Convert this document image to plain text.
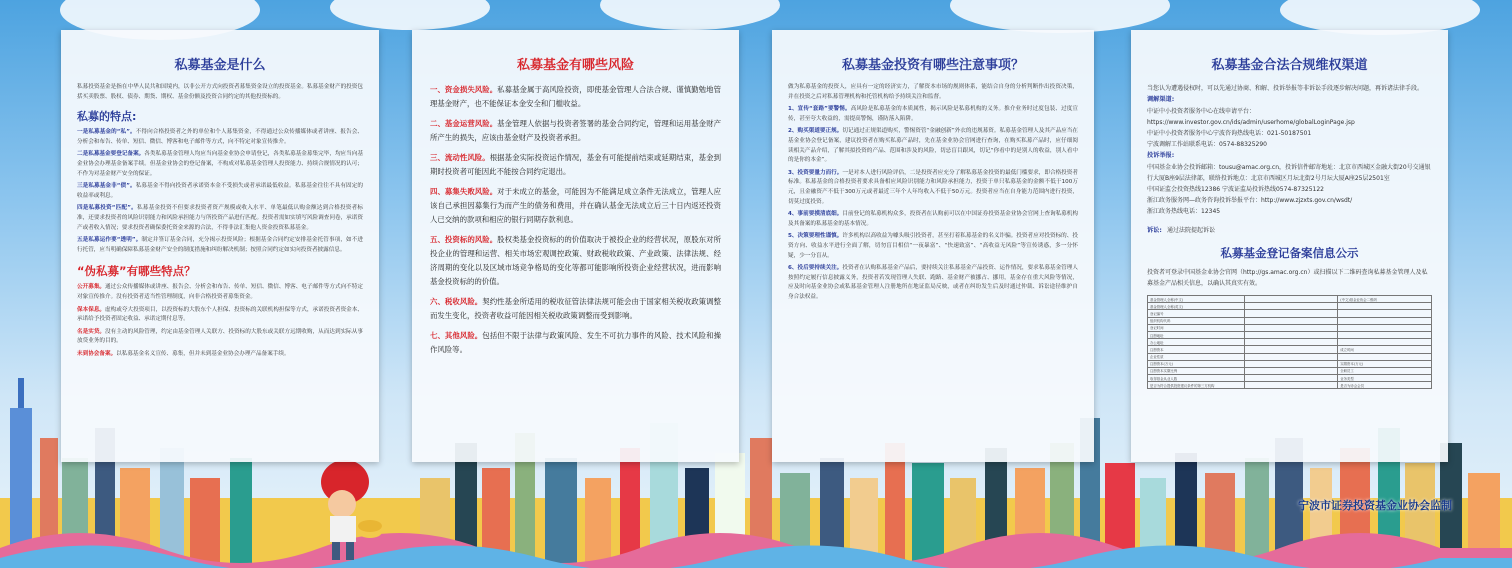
私募基金是什么
私募投资基金是指在中华人民共和国境内，以非公开方式向投资者募集资金设立的投资基金。私募基金财产的投资包括买卖股票、股权、债券、期货、期权、基金份额及投资合同约定的其他投资标的。
私募的特点:
一是私募基金的“私”。不得向合格投资者之外的单位和个人募集资金，不得通过公众传播媒体或者讲座、报告会、分析会和布告、传单、短信、微信、博客和电子邮件等方式，向不特定对象宣传推介。
二是私募基金要登记备案。各类私募基金管理人均应当向基金业协会申请登记，各类私募基金募集完毕，均应当向基金业协会办理基金备案手续。但基金业协会的登记备案，不构成对私募基金管理人投资能力、持续合规情况的认可；不作为对基金财产安全的保证。
三是私募基金非“债”。私募基金不得向投资者承诺资本金不受损失或者承诺最低收益。私募基金往往不具有固定的收益率或利息。
四是私募投资“匹配”。私募基金投资不但要求投资者资产规模或收入水平、单笔最低认购金额达到合格投资者标准，还要求投资者的风险识别能力和风险承担能力与所投资产品进行匹配。投资者需如实填写风险调查问卷，承诺资产或者收入情况；要求投资者确保委托资金来源的合法，不得非法汇集他人资金投资私募基金。
五是私募运作要“透明”。制定并签订基金合同，充分揭示投资风险；根据基金合同约定安排基金托管事项，如不进行托管，应当明确保障私募基金财产安全的制度措施和纠纷解决机制；按照合同约定如实向投资者披露信息。
“伪私募”有哪些特点？
公开募集。通过公众传播媒体或讲座、报告会、分析会和布告、传单、短信、微信、博客、电子邮件等方式向不特定对象宣传推介。没有投资者适当性管理制度，向非合格投资者募集资金。
保本保息。虚构或夸大投资项目，以投资标的大股东个人担保、投资标的关联机构担保等方式，承诺投资者资金本、承诺给予投资者固定收益、承诺定期付息等。
名是实贷。没有主动的风险管理，约定由基金管理人关联方、投资标的大股东或关联方远期收购，从而达到实际从事放贷业务的目的。
未到协会备案。以私募基金名义宣传、募集，但并未到基金业协会办理产品备案手续。
私募基金有哪些风险
一、资金损失风险。私募基金属于高风险投资，即使基金管理人合法合规、谨慎勤勉地管理基金财产，也不能保证本金安全和门槛收益。
二、基金运营风险。基金管理人依据与投资者签署的基金合同约定，管理和运用基金财产所产生的损失，应该由基金财产及投资者承担。
三、流动性风险。根据基金实际投资运作情况，基金有可能提前结束或延期结束，基金到期时投资者可能因此不能按合同约定退出。
四、募集失败风险。对于未成立的基金，可能因为不能满足成立条件无法成立，管理人应该自己承担因募集行为而产生的债务和费用，并在确认基金无法成立后三十日内返还投资人已交纳的款项和相应的银行同期存款利息。
五、投资标的风险。股权类基金投资标的的价值取决于被投企业的经营状况，原股东对所投企业的管理和运营、相关市场宏观调控政策、财政税收政策、产业政策、法律法规、经济周期的变化以及区域市场竞争格局的变化等都可能影响所投资企业经营状况，进而影响基金投资标的的价值。
六、税收风险。契约性基金所适用的税收征管法律法规可能会由于国家相关税收政策调整而发生变化，投资者收益可能因相关税收政策调整而受到影响。
七、其他风险。包括但不限于法律与政策风险、发生不可抗力事件的风险、技术风险和操作风险等。
私募基金投资有哪些注意事项？
做为私募基金的投资人，应具有一定的经济实力，了解资本市场的规则体系，能结合自身的分析判断作出投资决策，并在投资之后对私募管理机构和托管机构给予持续关注和监督。
1、宣传“套路”要警惕。高风险是私募基金的本质属性，揭示风险是私募机构的义务。推介业务时过度包装、过度宣传，甚至夸大收益的，需提高警惕，谨防落入陷阱。
2、购买渠道要正规。切记通过正规渠道购买，警惕资管“金融创新”外衣的违规募资。私募基金管理人及其产品应当在基金业协会登记备案，建议投资者在购买私募产品时，先在基金业协会官网进行查询，在购买私募产品时，应仔细阅读相关产品介绍，了解其拟投资的产品、范围和涉及的风险，切忌盲目跟风，切记“你看中的是别人的收益，别人看中的是你的本金”。
3、投资要量力而行。一是对本人进行风险评估，二是投资者应充分了解私募基金投资的最低门槛要求，即合格投资者标准。私募基金的合格投资者要求具备相应风险识别能力和风险承担能力，投资于单只私募基金的金额不低于100万元，且金融资产不低于300万元或者最近三年个人年均收入不低于50万元。投资者应当在自身能力范围内进行投资，切莫过度投资。
4、事前要摸清底细。目前登记的私募机构众多，投资者在认购前可以在中国证券投资基金业协会官网上查询私募机构及其备案的私募基金的基本情况。
5、决策要理性谨慎。许多机构以高收益为噱头吸引投资者，甚至打着私募基金的名义诈骗。投资者应对投资标的、投资方向、收益水平进行全面了解，切勿盲目相信“一夜暴富”、“快速致富”、“高收益无风险”等宣传诱惑，多一分怀疑，少一分盲从。
6、投后要持续关注。投资者在认购私募基金产品后，要持续关注私募基金产品投资、运作情况，要求私募基金管理人按照约定履行信息披露义务，投资者若发现管理人失联、跑路、基金财产被挪占、挪用，基金存在重大风险等情况，应及时向基金业协会或私募基金管理人注册地所在地证监局反映，或者在纠纷发生后及时通过仲裁、诉讼途径维护自身合法权益。
私募基金合法合规维权渠道
当您认为遭遇侵权时，可以先通过协商、和解、投诉举报等非诉讼手段逐步解决问题，再诉诸法律手段。
调解渠道:
中证中小投资者服务中心在线申请平台：https://www.investor.gov.cn/ids/admin/userhome/globalLoginPage.jsp
中证中小投资者服务中心宁波咨询热线电话：021-50187501
宁波调解工作站联系电话：0574-88325290
投诉举报:
中国基金业协会投诉邮箱：tousu@amac.org.cn，投诉信件邮寄地址：北京市西城区金融大街20号交通银行大厦B座9层法律部，联络投诉地点：北京市西城区月坛北街2号月坛大厦A座25层2501室
中国证监会投资热线12386 宁波证监局投诉热线0574-87325122
浙江政务服务网—政务咨询投诉举报平台：http://www.zjzxts.gov.cn/wsdt/
浙江政务热线电话：12345
诉讼: 通过法院提起诉讼
私募基金登记备案信息公示
投资者可登录中国基金业协会官网（http://gs.amac.org.cn）或扫描以下二维码查询私募基金管理人及私募基金产品相关信息，以确认其真实有效。
基金管理人全称(中文)		(中文)基金业协会二维码
基金管理人全称(英文)		
登记编号		
组织机构代码		
登记时间		
注册地址		
办公地址		
注册资本		成立时间
企业性质		
注册资本(万元)		实缴资本(万元)
注册资本实缴比例		全职员工
取得基金从业人数		业务类型
是否为符合提供投资建议条件的第三方机构		是否为协会会员
宁波市证券投资基金业协会监制
